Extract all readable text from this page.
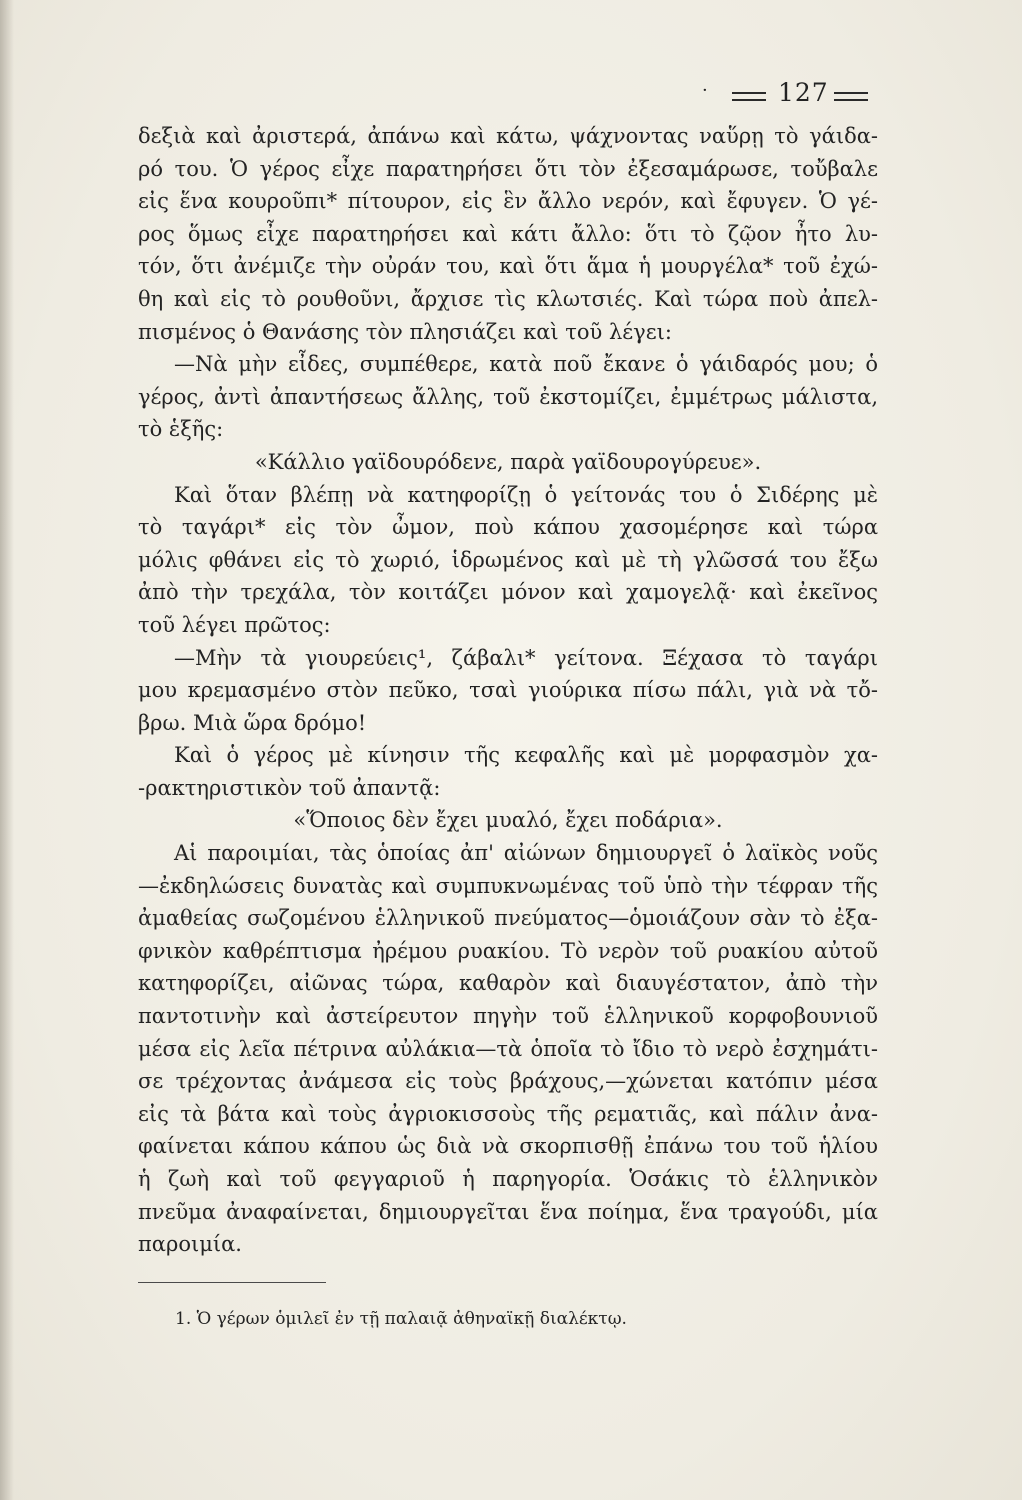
·	127
δεξιὰ καὶ ἀριστερά, ἀπάνω καὶ κάτω, ψάχνοντας ναὕρῃ τὸ γάιδα-
ρό του. Ὁ γέρος εἶχε παρατηρήσει ὅτι τὸν ἐξεσαμάρωσε, τοὔβαλε
εἰς ἕνα κουροῦπι* πίτουρον, εἰς ἓν ἄλλο νερόν, καὶ ἔφυγεν. Ὁ γέ-
ρος ὅμως εἶχε παρατηρήσει καὶ κάτι ἄλλο: ὅτι τὸ ζῷον ἦτο λυ-
τόν, ὅτι ἀνέμιζε τὴν οὐράν του, καὶ ὅτι ἅμα ἡ μουργέλα* τοῦ ἐχώ-
θη καὶ εἰς τὸ ρουθοῦνι, ἄρχισε τὶς κλωτσιές. Καὶ τώρα ποὺ ἀπελ-
πισμένος ὁ Θανάσης τὸν πλησιάζει καὶ τοῦ λέγει:
—Νὰ μὴν εἶδες, συμπέθερε, κατὰ ποῦ ἔκανε ὁ γάιδαρός μου; ὁ
γέρος, ἀντὶ ἀπαντήσεως ἄλλης, τοῦ ἐκστομίζει, ἐμμέτρως μάλιστα,
τὸ ἑξῆς:
«Κάλλιο γαϊδουρόδενε, παρὰ γαϊδουρογύρευε».
Καὶ ὅταν βλέπῃ νὰ κατηφορίζῃ ὁ γείτονάς του ὁ Σιδέρης μὲ
τὸ ταγάρι* εἰς τὸν ὦμον, ποὺ κάπου χασομέρησε καὶ τώρα
μόλις φθάνει εἰς τὸ χωριό, ἱδρωμένος καὶ μὲ τὴ γλῶσσά του ἔξω
ἀπὸ τὴν τρεχάλα, τὸν κοιτάζει μόνον καὶ χαμογελᾷ· καὶ ἐκεῖνος
τοῦ λέγει πρῶτος:
—Μὴν τὰ γιουρεύεις¹, ζάβαλι* γείτονα. Ξέχασα τὸ ταγάρι
μου κρεμασμένο στὸν πεῦκο, τσαὶ γιούρικα πίσω πάλι, γιὰ νὰ τὄ-
βρω. Μιὰ ὥρα δρόμο!
Καὶ ὁ γέρος μὲ κίνησιν τῆς κεφαλῆς καὶ μὲ μορφασμὸν χα-
-ρακτηριστικὸν τοῦ ἀπαντᾷ:
«Ὅποιος δὲν ἔχει μυαλό, ἔχει ποδάρια».
Αἱ παροιμίαι, τὰς ὁποίας ἀπ' αἰώνων δημιουργεῖ ὁ λαϊκὸς νοῦς
—ἐκδηλώσεις δυνατὰς καὶ συμπυκνωμένας τοῦ ὑπὸ τὴν τέφραν τῆς
ἀμαθείας σωζομένου ἑλληνικοῦ πνεύματος—ὁμοιάζουν σὰν τὸ ἐξα-
φνικὸν καθρέπτισμα ἠρέμου ρυακίου. Τὸ νερὸν τοῦ ρυακίου αὐτοῦ
κατηφορίζει, αἰῶνας τώρα, καθαρὸν καὶ διαυγέστατον, ἀπὸ τὴν
παντοτινὴν καὶ ἀστείρευτον πηγὴν τοῦ ἑλληνικοῦ κορφοβουνιοῦ
μέσα εἰς λεῖα πέτρινα αὐλάκια—τὰ ὁποῖα τὸ ἴδιο τὸ νερὸ ἐσχημάτι-
σε τρέχοντας ἀνάμεσα εἰς τοὺς βράχους,—χώνεται κατόπιν μέσα
εἰς τὰ βάτα καὶ τοὺς ἀγριοκισσοὺς τῆς ρεματιᾶς, καὶ πάλιν ἀνα-
φαίνεται κάπου κάπου ὡς διὰ νὰ σκορπισθῇ ἐπάνω του τοῦ ἡλίου
ἡ ζωὴ καὶ τοῦ φεγγαριοῦ ἡ παρηγορία. Ὁσάκις τὸ ἑλληνικὸν
πνεῦμα ἀναφαίνεται, δημιουργεῖται ἕνα ποίημα, ἕνα τραγούδι, μία
παροιμία.
1. Ὁ γέρων ὁμιλεῖ ἐν τῇ παλαιᾷ ἀθηναϊκῇ διαλέκτῳ.
